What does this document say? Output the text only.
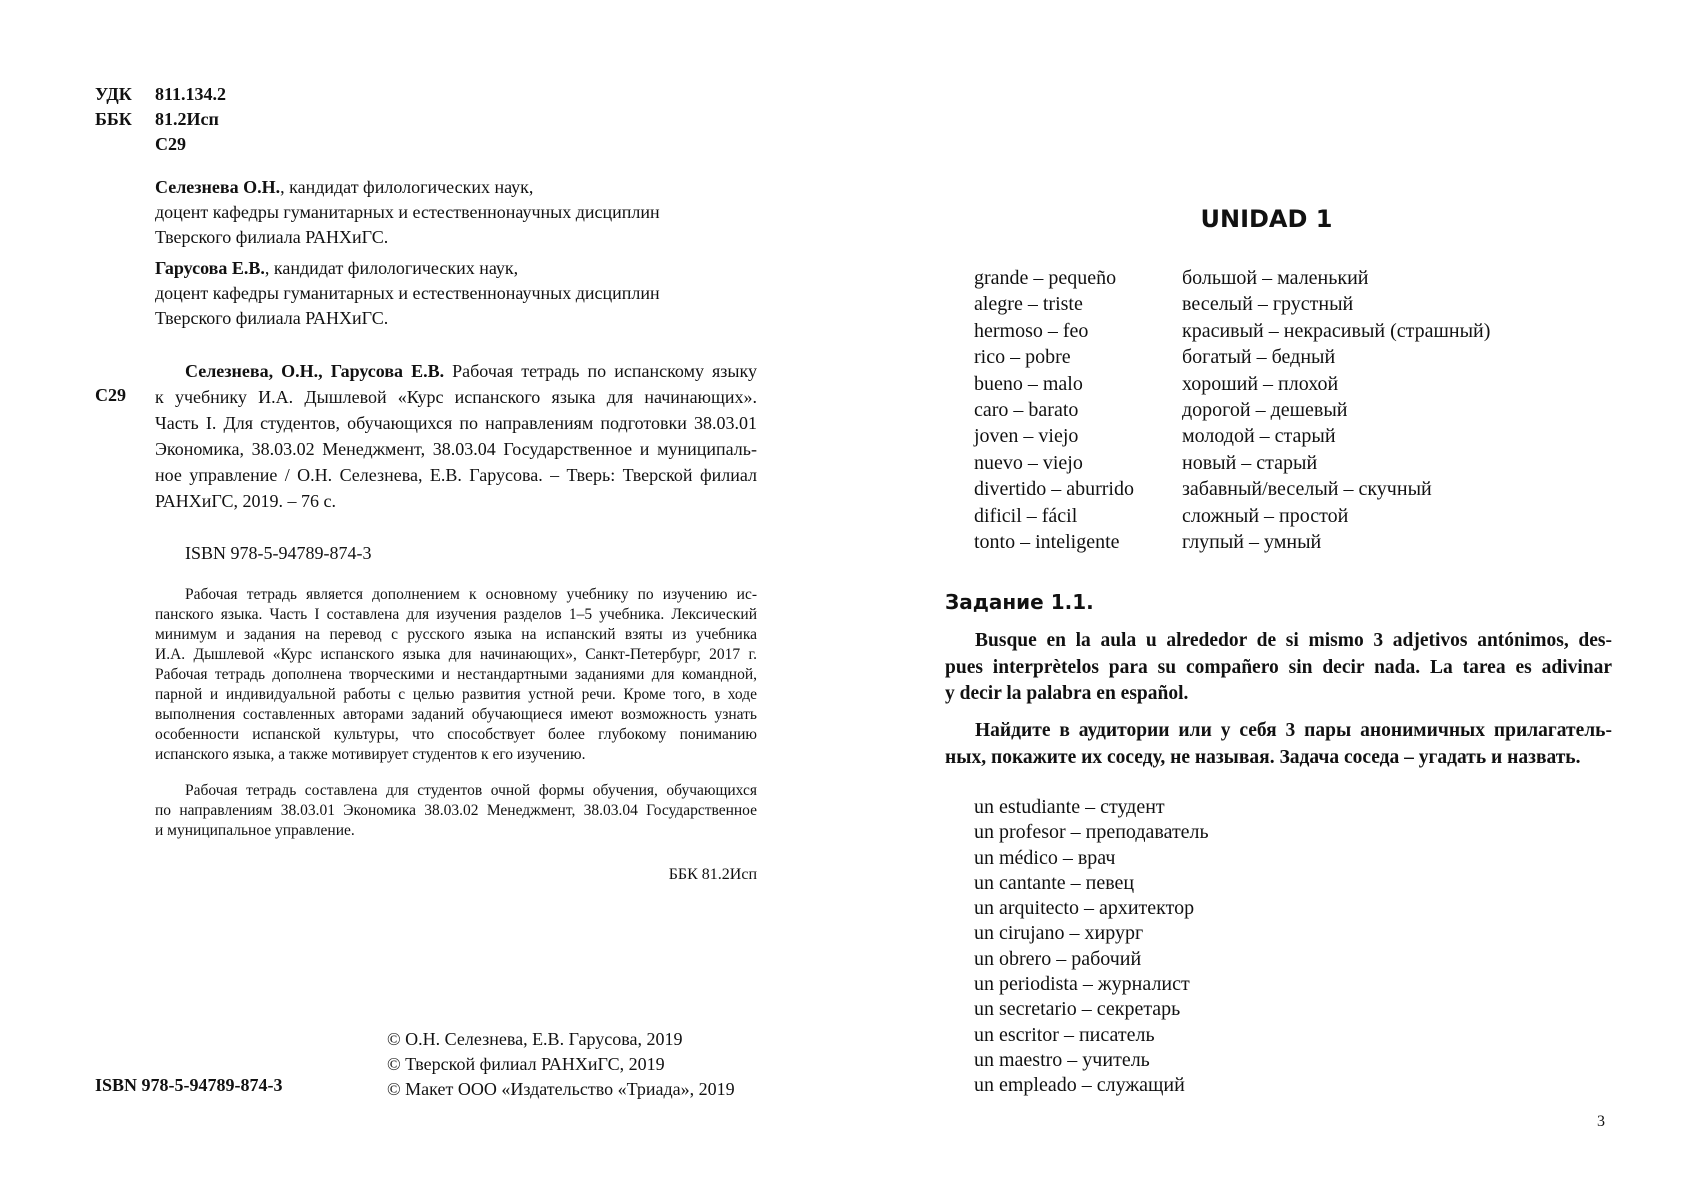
УДК	811.134.2
ББК	81.2Исп
С29
Селезнева О.Н., кандидат филологических наук,
доцент кафедры гуманитарных и естественнонаучных дисциплин
Тверского филиала РАНХиГС.
Гарусова Е.В., кандидат филологических наук,
доцент кафедры гуманитарных и естественнонаучных дисциплин
Тверского филиала РАНХиГС.
С29
Селезнева, О.Н., Гарусова Е.В. Рабочая тетрадь по испанскому языку
к учебнику И.А. Дышлевой «Курс испанского языка для начинающих».
Часть I. Для студентов, обучающихся по направлениям подготовки 38.03.01
Экономика, 38.03.02 Менеджмент, 38.03.04 Государственное и муниципаль-
ное управление / О.Н. Селезнева, Е.В. Гарусова. – Тверь: Тверской филиал
РАНХиГС, 2019. – 76 с.
ISBN 978-5-94789-874-3
Рабочая тетрадь является дополнением к основному учебнику по изучению ис-
панского языка. Часть I составлена для изучения разделов 1–5 учебника. Лексический
минимум и задания на перевод с русского языка на испанский взяты из учебника
И.А. Дышлевой «Курс испанского языка для начинающих», Санкт-Петербург, 2017 г.
Рабочая тетрадь дополнена творческими и нестандартными заданиями для командной,
парной и индивидуальной работы с целью развития устной речи. Кроме того, в ходе
выполнения составленных авторами заданий обучающиеся имеют возможность узнать
особенности испанской культуры, что способствует более глубокому пониманию
испанского языка, а также мотивирует студентов к его изучению.
Рабочая тетрадь составлена для студентов очной формы обучения, обучающихся
по направлениям 38.03.01 Экономика 38.03.02 Менеджмент, 38.03.04 Государственное
и муниципальное управление.
ББК 81.2Исп
© О.Н. Селезнева, Е.В. Гарусова, 2019
© Тверской филиал РАНХиГС, 2019
© Макет ООО «Издательство «Триада», 2019
ISBN 978-5-94789-874-3
UNIDAD 1
grande – pequeño	большой – маленький
alegre – triste	веселый – грустный
hermoso – feo	красивый – некрасивый (страшный)
rico – pobre	богатый – бедный
bueno – malo	хороший – плохой
caro – barato	дорогой – дешевый
joven – viejo	молодой – старый
nuevo – viejo	новый – старый
divertido – aburrido	забавный/веселый – скучный
dificil – fácil	сложный – простой
tonto – inteligente	глупый – умный
Задание 1.1.
Busque en la aula u alrededor de si mismo 3 adjetivos antónimos, des-
pues interprètelos para su compañero sin decir nada. La tarea es adivinar
y decir la palabra en español.
Найдите в аудитории или у себя 3 пары анонимичных прилагатель-
ных, покажите их соседу, не называя. Задача соседа – угадать и назвать.
un estudiante – студент
un profesor – преподаватель
un médico – врач
un cantante – певец
un arquitecto – архитектор
un cirujano – хирург
un obrero – рабочий
un periodista – журналист
un secretario – секретарь
un escritor – писатель
un maestro – учитель
un empleado – служащий
3
